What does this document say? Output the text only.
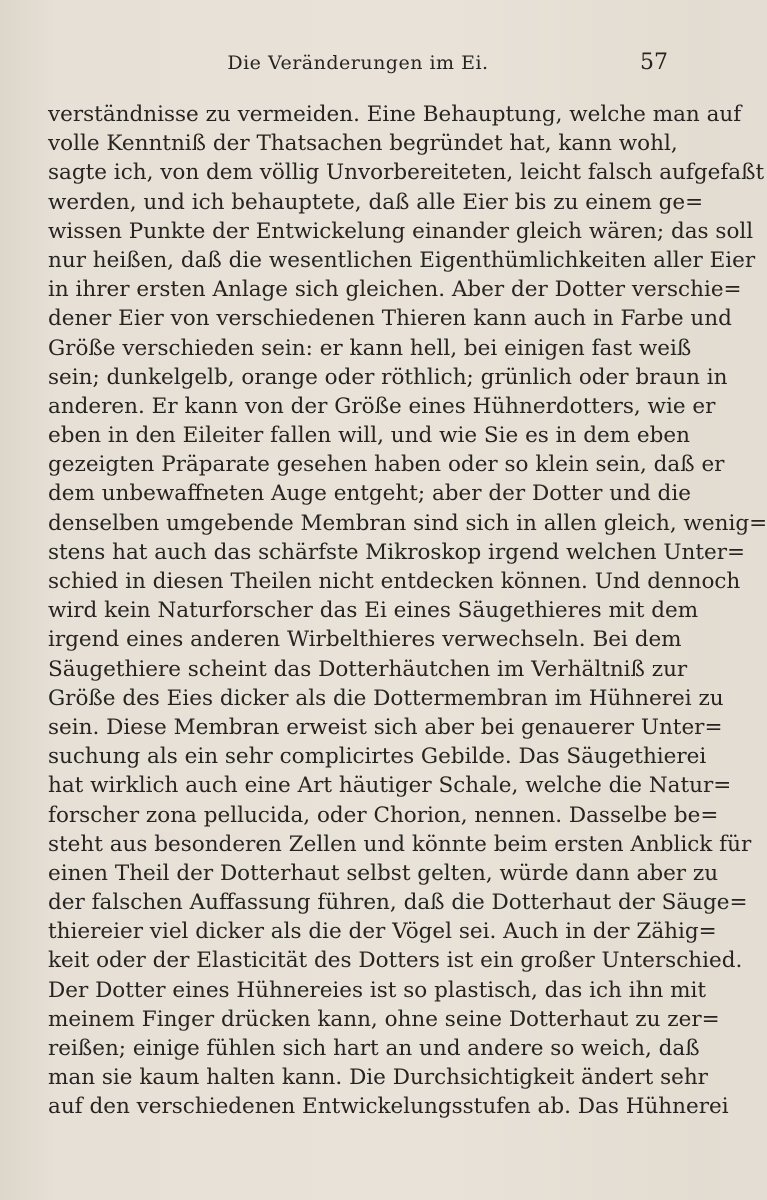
Die Veränderungen im Ei.	57
verständnisse zu vermeiden. Eine Behauptung, welche man auf
volle Kenntniß der Thatsachen begründet hat, kann wohl,
sagte ich, von dem völlig Unvorbereiteten, leicht falsch aufgefaßt
werden, und ich behauptete, daß alle Eier bis zu einem ge=
wissen Punkte der Entwickelung einander gleich wären; das soll
nur heißen, daß die wesentlichen Eigenthümlichkeiten aller Eier
in ihrer ersten Anlage sich gleichen. Aber der Dotter verschie=
dener Eier von verschiedenen Thieren kann auch in Farbe und
Größe verschieden sein: er kann hell, bei einigen fast weiß
sein; dunkelgelb, orange oder röthlich; grünlich oder braun in
anderen. Er kann von der Größe eines Hühnerdotters, wie er
eben in den Eileiter fallen will, und wie Sie es in dem eben
gezeigten Präparate gesehen haben oder so klein sein, daß er
dem unbewaffneten Auge entgeht; aber der Dotter und die
denselben umgebende Membran sind sich in allen gleich, wenig=
stens hat auch das schärfste Mikroskop irgend welchen Unter=
schied in diesen Theilen nicht entdecken können. Und dennoch
wird kein Naturforscher das Ei eines Säugethieres mit dem
irgend eines anderen Wirbelthieres verwechseln. Bei dem
Säugethiere scheint das Dotterhäutchen im Verhältniß zur
Größe des Eies dicker als die Dottermembran im Hühnerei zu
sein. Diese Membran erweist sich aber bei genauerer Unter=
suchung als ein sehr complicirtes Gebilde. Das Säugethierei
hat wirklich auch eine Art häutiger Schale, welche die Natur=
forscher zona pellucida, oder Chorion, nennen. Dasselbe be=
steht aus besonderen Zellen und könnte beim ersten Anblick für
einen Theil der Dotterhaut selbst gelten, würde dann aber zu
der falschen Auffassung führen, daß die Dotterhaut der Säuge=
thiereier viel dicker als die der Vögel sei. Auch in der Zähig=
keit oder der Elasticität des Dotters ist ein großer Unterschied.
Der Dotter eines Hühnereies ist so plastisch, das ich ihn mit
meinem Finger drücken kann, ohne seine Dotterhaut zu zer=
reißen; einige fühlen sich hart an und andere so weich, daß
man sie kaum halten kann. Die Durchsichtigkeit ändert sehr
auf den verschiedenen Entwickelungsstufen ab. Das Hühnerei
